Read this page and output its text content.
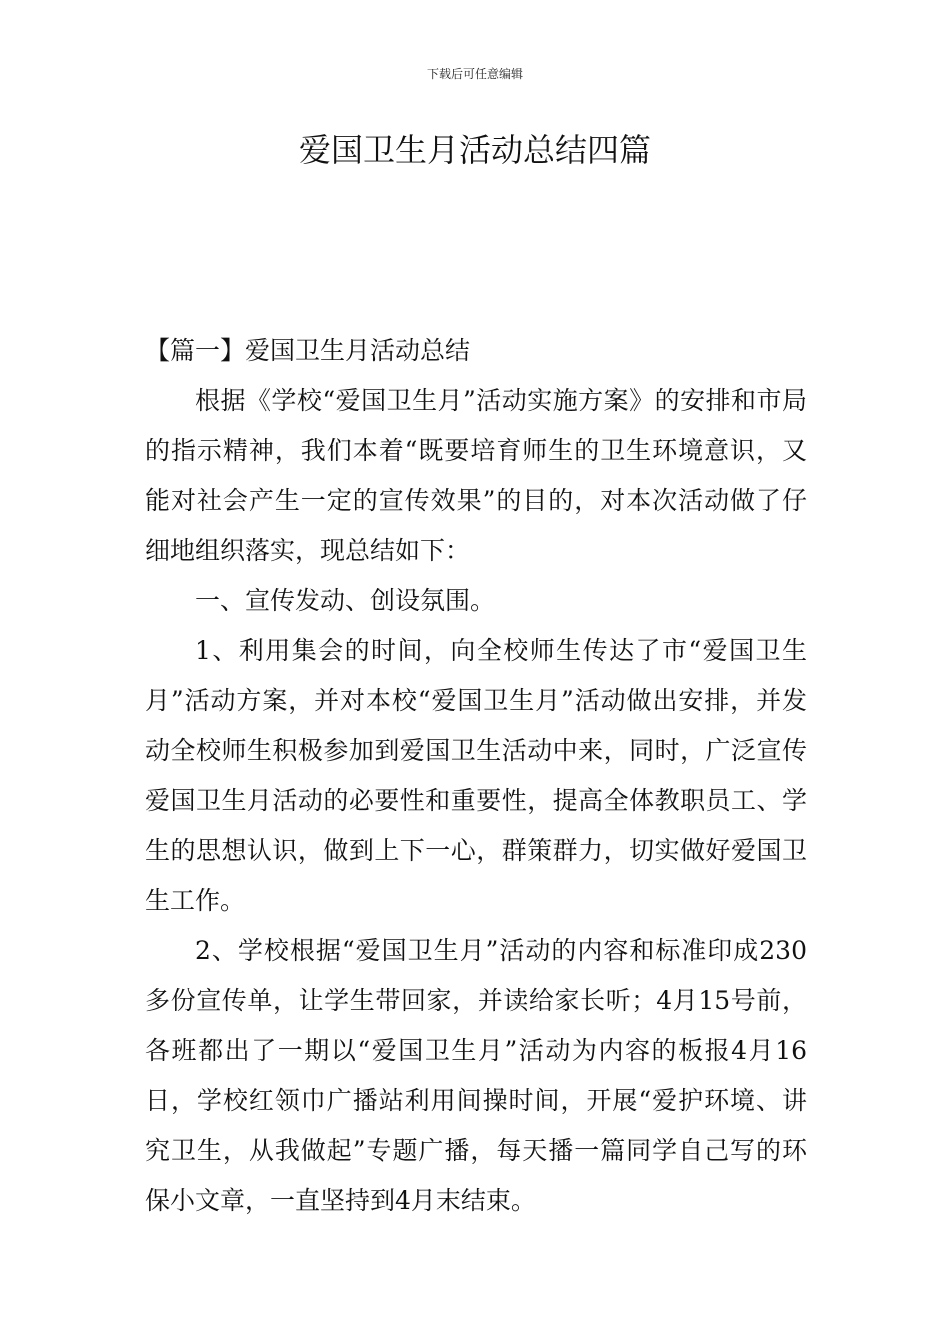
下载后可任意编辑
爱国卫生月活动总结四篇

【篇一】爱国卫生月活动总结

根据《学校“爱国卫生月”活动实施方案》的安排和市局的指示精神，我们本着“既要培育师生的卫生环境意识，又能对社会产生一定的宣传效果”的目的，对本次活动做了仔细地组织落实，现总结如下：

一、宣传发动、创设氛围。

1、利用集会的时间，向全校师生传达了市“爱国卫生月”活动方案，并对本校“爱国卫生月”活动做出安排，并发动全校师生积极参加到爱国卫生活动中来，同时，广泛宣传爱国卫生月活动的必要性和重要性，提高全体教职员工、学生的思想认识，做到上下一心，群策群力，切实做好爱国卫生工作。

2、学校根据“爱国卫生月”活动的内容和标准印成230多份宣传单，让学生带回家，并读给家长听；4月15号前，各班都出了一期以“爱国卫生月”活动为内容的板报4月16日，学校红领巾广播站利用间操时间，开展“爱护环境、讲究卫生，从我做起”专题广播，每天播一篇同学自己写的环保小文章，一直坚持到4月末结束。
